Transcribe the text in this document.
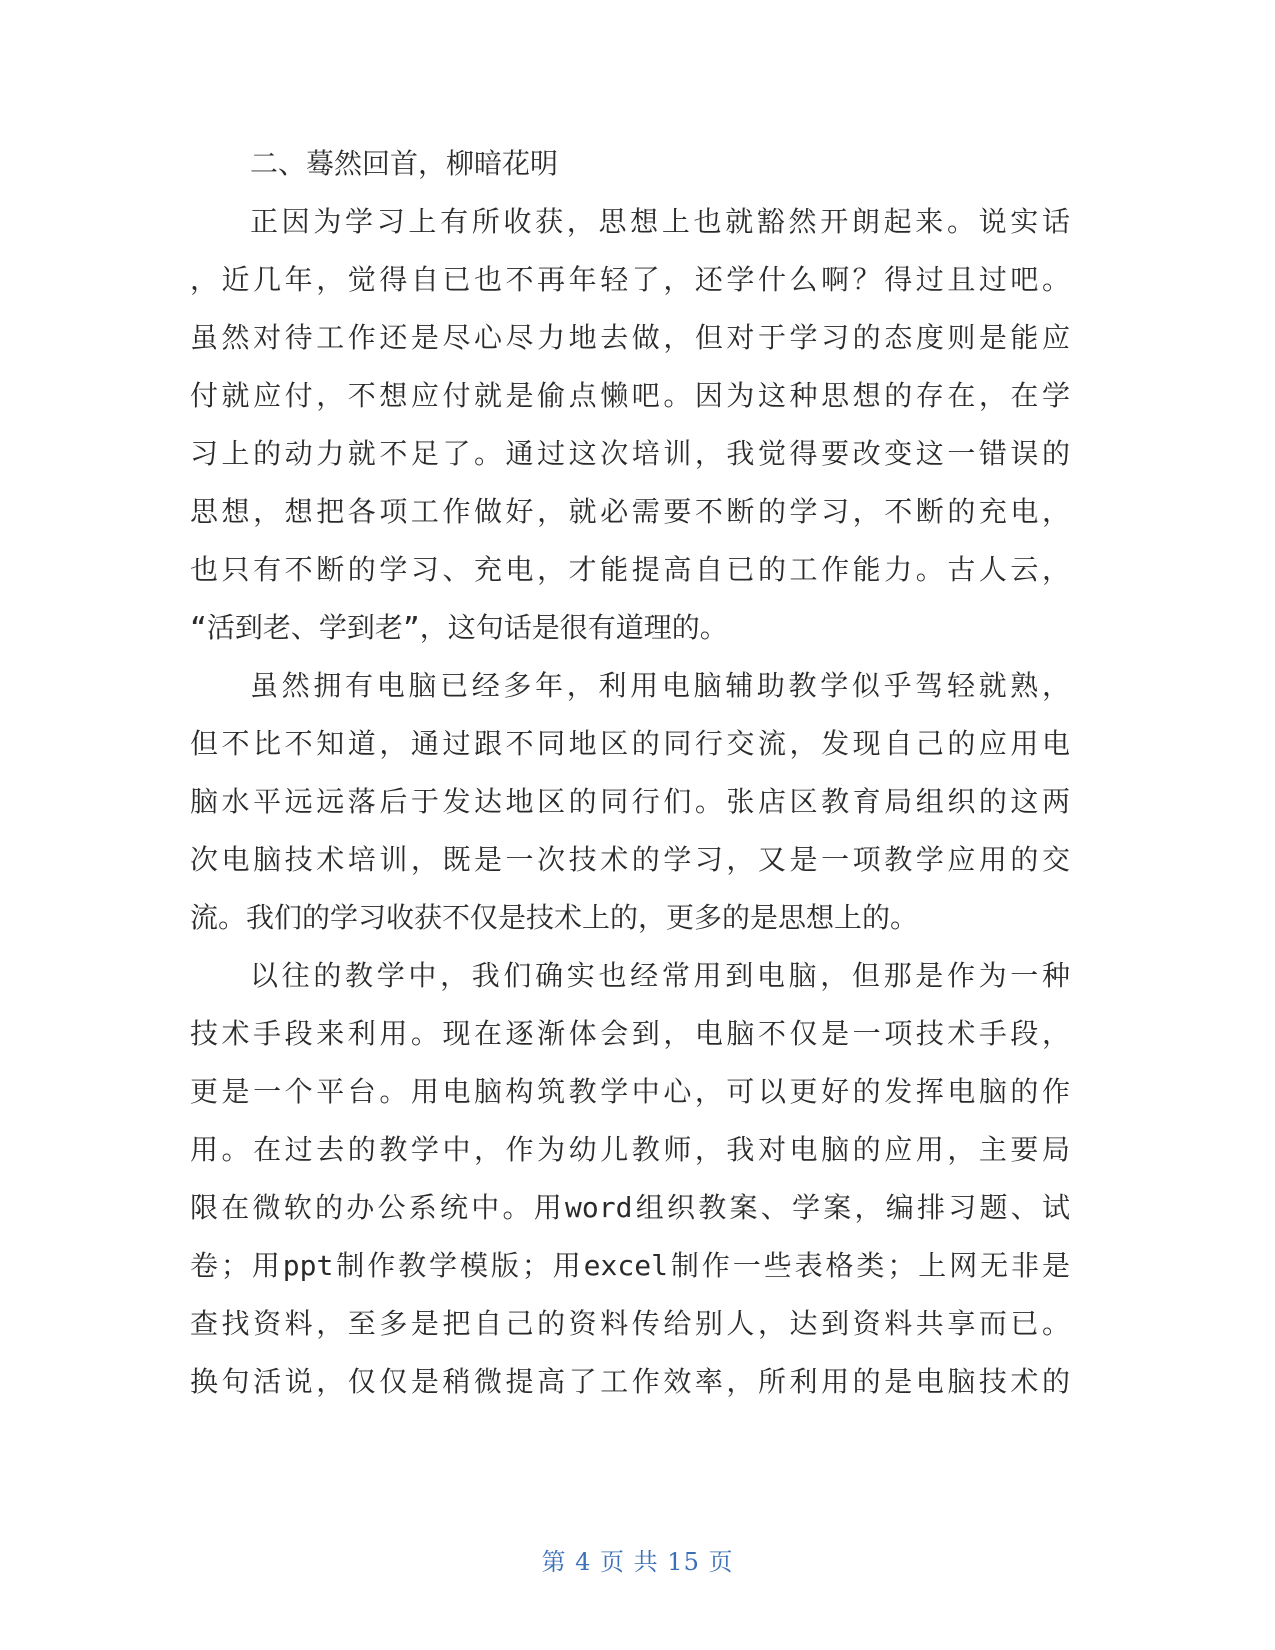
二、蓦然回首，柳暗花明
正因为学习上有所收获，思想上也就豁然开朗起来。说实话
，近几年，觉得自已也不再年轻了，还学什么啊？得过且过吧。
虽然对待工作还是尽心尽力地去做，但对于学习的态度则是能应
付就应付，不想应付就是偷点懒吧。因为这种思想的存在，在学
习上的动力就不足了。通过这次培训，我觉得要改变这一错误的
思想，想把各项工作做好，就必需要不断的学习，不断的充电，
也只有不断的学习、充电，才能提高自已的工作能力。古人云，
“活到老、学到老”，这句话是很有道理的。
虽然拥有电脑已经多年，利用电脑辅助教学似乎驾轻就熟，
但不比不知道，通过跟不同地区的同行交流，发现自己的应用电
脑水平远远落后于发达地区的同行们。张店区教育局组织的这两
次电脑技术培训，既是一次技术的学习，又是一项教学应用的交
流。我们的学习收获不仅是技术上的，更多的是思想上的。
以往的教学中，我们确实也经常用到电脑，但那是作为一种
技术手段来利用。现在逐渐体会到，电脑不仅是一项技术手段，
更是一个平台。用电脑构筑教学中心，可以更好的发挥电脑的作
用。在过去的教学中，作为幼儿教师，我对电脑的应用，主要局
限在微软的办公系统中。用word组织教案、学案，编排习题、试
卷；用ppt制作教学模版；用excel制作一些表格类；上网无非是
查找资料，至多是把自己的资料传给别人，达到资料共享而已。
换句活说，仅仅是稍微提高了工作效率，所利用的是电脑技术的
第 4 页 共 15 页
